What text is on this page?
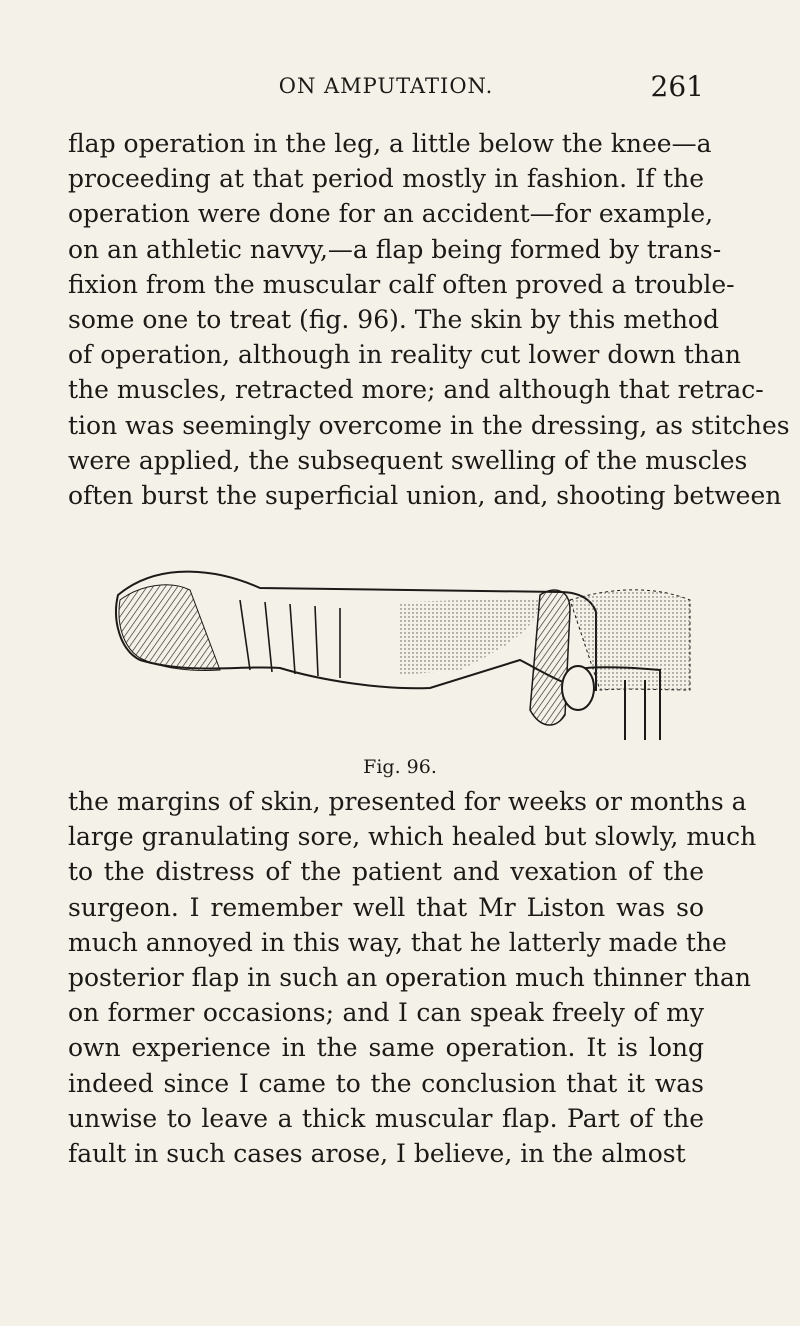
ON AMPUTATION.	261
flap operation in the leg, a little below the knee—a
proceeding at that period mostly in fashion. If the
operation were done for an accident—for example,
on an athletic navvy,—a flap being formed by trans-
fixion from the muscular calf often proved a trouble-
some one to treat (fig. 96). The skin by this method
of operation, although in reality cut lower down than
the muscles, retracted more; and although that retrac-
tion was seemingly overcome in the dressing, as stitches
were applied, the subsequent swelling of the muscles
often burst the superficial union, and, shooting between
Fig. 96.
the margins of skin, presented for weeks or months a
large granulating sore, which healed but slowly, much
to the distress of the patient and vexation of the
surgeon. I remember well that Mr Liston was so
much annoyed in this way, that he latterly made the
posterior flap in such an operation much thinner than
on former occasions; and I can speak freely of my
own experience in the same operation. It is long
indeed since I came to the conclusion that it was
unwise to leave a thick muscular flap. Part of the
fault in such cases arose, I believe, in the almost
